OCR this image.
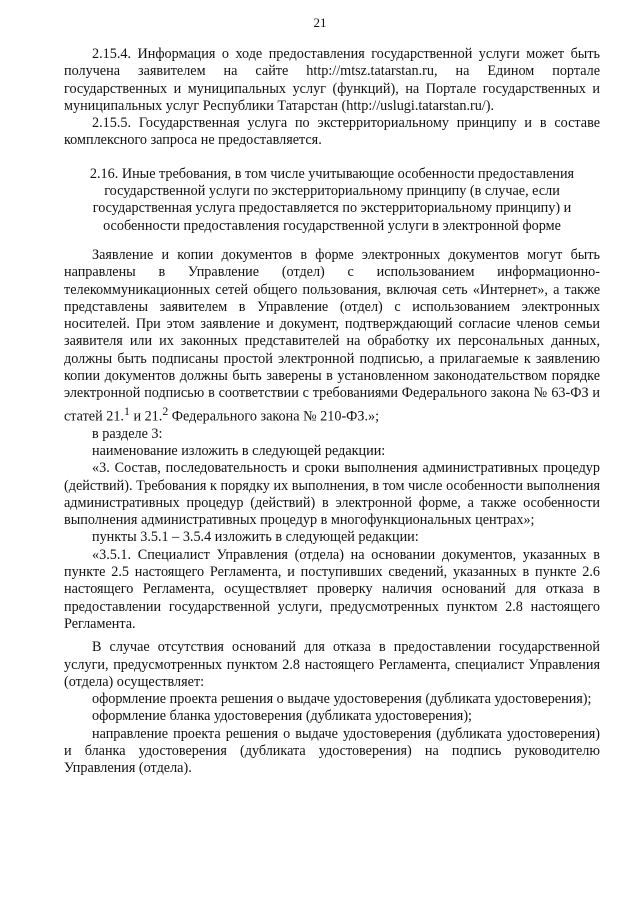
21

2.15.4. Информация о ходе предоставления государственной услуги может быть получена заявителем на сайте http://mtsz.tatarstan.ru, на Едином портале государственных и муниципальных услуг (функций), на Портале государственных и муниципальных услуг Республики Татарстан (http://uslugi.tatarstan.ru/).

2.15.5. Государственная услуга по экстерриториальному принципу и в составе комплексного запроса не предоставляется.

2.16. Иные требования, в том числе учитывающие особенности предоставления государственной услуги по экстерриториальному принципу (в случае, если государственная услуга предоставляется по экстерриториальному принципу) и особенности предоставления государственной услуги в электронной форме

Заявление и копии документов в форме электронных документов могут быть направлены в Управление (отдел) с использованием информационно-телекоммуникационных сетей общего пользования, включая сеть «Интернет», а также представлены заявителем в Управление (отдел) с использованием электронных носителей. При этом заявление и документ, подтверждающий согласие членов семьи заявителя или их законных представителей на обработку их персональных данных, должны быть подписаны простой электронной подписью, а прилагаемые к заявлению копии документов должны быть заверены в установленном законодательством порядке электронной подписью в соответствии с требованиями Федерального закона № 63-ФЗ и статей 21.$^1$ и 21.$^2$ Федерального закона № 210-ФЗ.»;

в разделе 3:

наименование изложить в следующей редакции:

«3. Состав, последовательность и сроки выполнения административных процедур (действий). Требования к порядку их выполнения, в том числе особенности выполнения административных процедур (действий) в электронной форме, а также особенности выполнения административных процедур в многофункциональных центрах»;

пункты 3.5.1 – 3.5.4 изложить в следующей редакции:

«3.5.1. Специалист Управления (отдела) на основании документов, указанных в пункте 2.5 настоящего Регламента, и поступивших сведений, указанных в пункте 2.6 настоящего Регламента, осуществляет проверку наличия оснований для отказа в предоставлении государственной услуги, предусмотренных пунктом 2.8 настоящего Регламента.

В случае отсутствия оснований для отказа в предоставлении государственной услуги, предусмотренных пунктом 2.8 настоящего Регламента, специалист Управления (отдела) осуществляет:

оформление проекта решения о выдаче удостоверения (дубликата удостоверения);

оформление бланка удостоверения (дубликата удостоверения);

направление проекта решения о выдаче удостоверения (дубликата удостоверения) и бланка удостоверения (дубликата удостоверения) на подпись руководителю Управления (отдела).
